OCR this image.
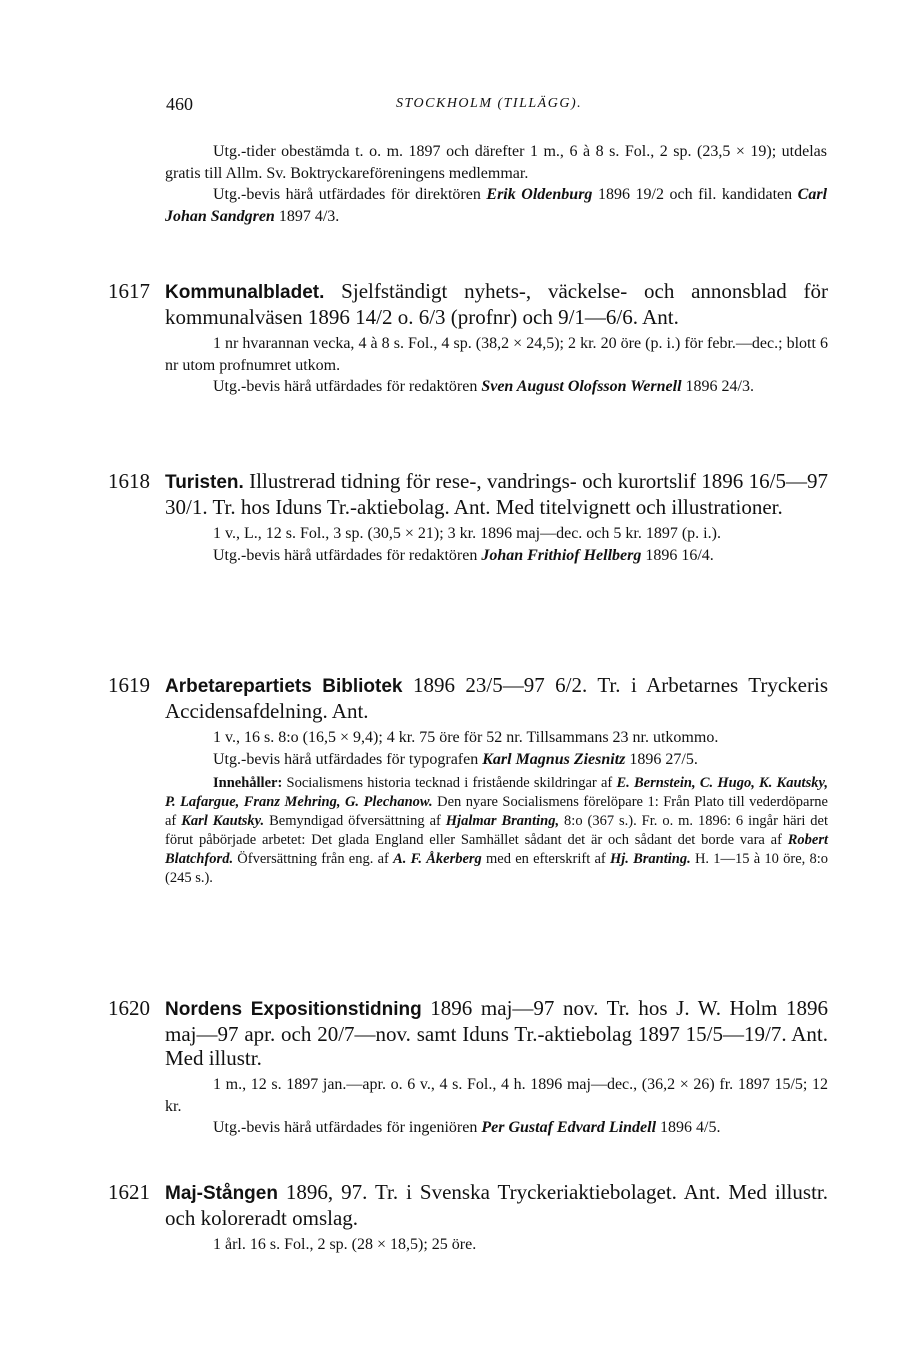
460	STOCKHOLM (TILLÄGG).

Utg.-tider obestämda t. o. m. 1897 och därefter 1 m., 6 à 8 s. Fol., 2 sp. (23,5 × 19); utdelas gratis till Allm. Sv. Boktryckareföreningens medlemmar.

Utg.-bevis härå utfärdades för direktören Erik Oldenburg 1896 19/2 och fil. kandidaten Carl Johan Sandgren 1897 4/3.

1617 Kommunalbladet. Sjelfständigt nyhets-, väckelse- och annonsblad för kommunalväsen 1896 14/2 o. 6/3 (profnr) och 9/1—6/6. Ant.

1 nr hvarannan vecka, 4 à 8 s. Fol., 4 sp. (38,2 × 24,5); 2 kr. 20 öre (p. i.) för febr.—dec.; blott 6 nr utom profnumret utkom.

Utg.-bevis härå utfärdades för redaktören Sven August Olofsson Wernell 1896 24/3.

1618 Turisten. Illustrerad tidning för rese-, vandrings- och kurortslif 1896 16/5—97 30/1. Tr. hos Iduns Tr.-aktiebolag. Ant. Med titelvignett och illustrationer.

1 v., L., 12 s. Fol., 3 sp. (30,5 × 21); 3 kr. 1896 maj—dec. och 5 kr. 1897 (p. i.).

Utg.-bevis härå utfärdades för redaktören Johan Frithiof Hellberg 1896 16/4.

1619 Arbetarepartiets Bibliotek 1896 23/5—97 6/2. Tr. i Arbetarnes Tryckeris Accidensafdelning. Ant.

1 v., 16 s. 8:o (16,5 × 9,4); 4 kr. 75 öre för 52 nr. Tillsammans 23 nr. utkommo.

Utg.-bevis härå utfärdades för typografen Karl Magnus Ziesnitz 1896 27/5.

Innehåller: Socialismens historia tecknad i fristående skildringar af E. Bernstein, C. Hugo, K. Kautsky, P. Lafargue, Franz Mehring, G. Plechanow. Den nyare Socialismens förelöpare 1: Från Plato till vederdöparne af Karl Kautsky. Bemyndigad öfversättning af Hjalmar Branting, 8:o (367 s.). Fr. o. m. 1896: 6 ingår häri det förut påbörjade arbetet: Det glada England eller Samhället sådant det är och sådant det borde vara af Robert Blatchford. Öfversättning från eng. af A. F. Åkerberg med en efterskrift af Hj. Branting. H. 1—15 à 10 öre, 8:o (245 s.).

1620 Nordens Expositionstidning 1896 maj—97 nov. Tr. hos J. W. Holm 1896 maj—97 apr. och 20/7—nov. samt Iduns Tr.-aktiebolag 1897 15/5—19/7. Ant. Med illustr.

1 m., 12 s. 1897 jan.—apr. o. 6 v., 4 s. Fol., 4 h. 1896 maj—dec., (36,2 × 26) fr. 1897 15/5; 12 kr.

Utg.-bevis härå utfärdades för ingeniören Per Gustaf Edvard Lindell 1896 4/5.

1621 Maj-Stången 1896, 97. Tr. i Svenska Tryckeriaktiebolaget. Ant. Med illustr. och koloreradt omslag.

1 årl. 16 s. Fol., 2 sp. (28 × 18,5); 25 öre.
